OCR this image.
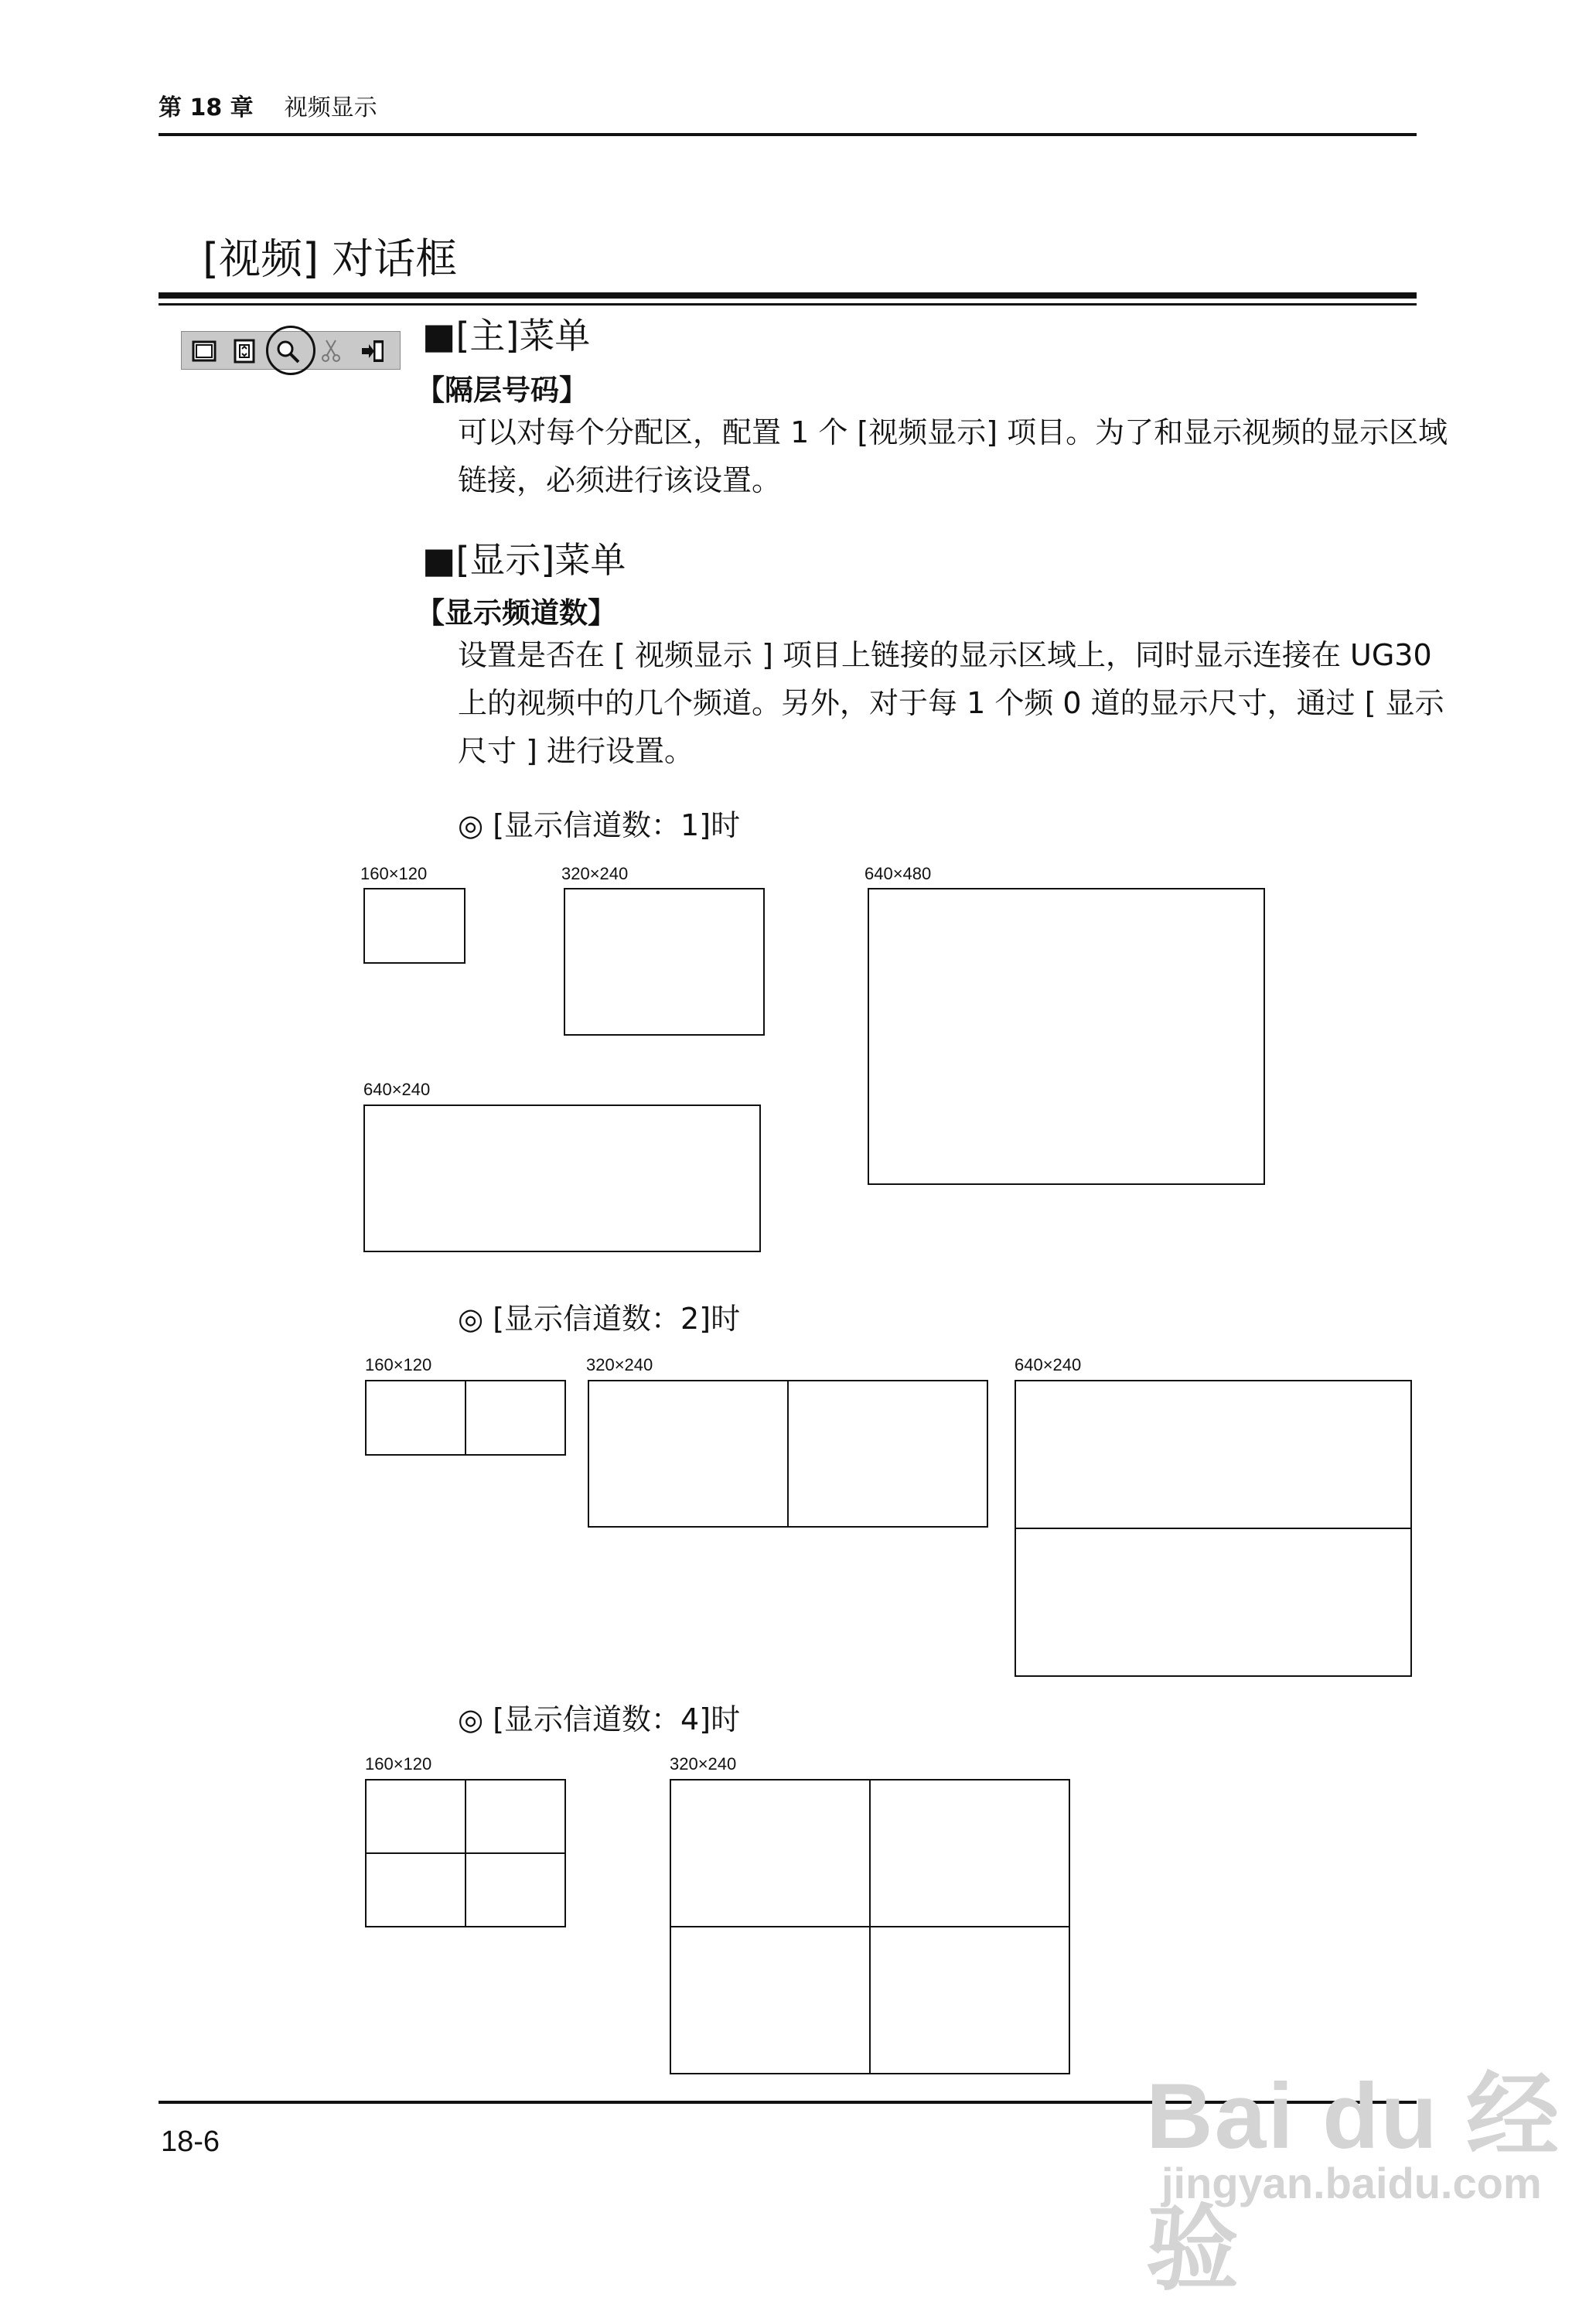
第 18 章 视频显示
[视频] 对话框
■[主]菜单
【隔层号码】
可以对每个分配区，配置 1 个 [视频显示] 项目。为了和显示视频的显示区域链接，必须进行该设置。
■[显示]菜单
【显示频道数】
设置是否在 [ 视频显示 ] 项目上链接的显示区域上，同时显示连接在 UG30 上的视频中的几个频道。另外，对于每 1 个频 0 道的显示尺寸，通过 [ 显示尺寸 ] 进行设置。
◎ [显示信道数：1]时
160×120	320×240	640×480
640×240
◎ [显示信道数：2]时
160×120	320×240	640×240
◎ [显示信道数：4]时
160×120	320×240
18-6	Bai du 经验
jingyan.baidu.com
